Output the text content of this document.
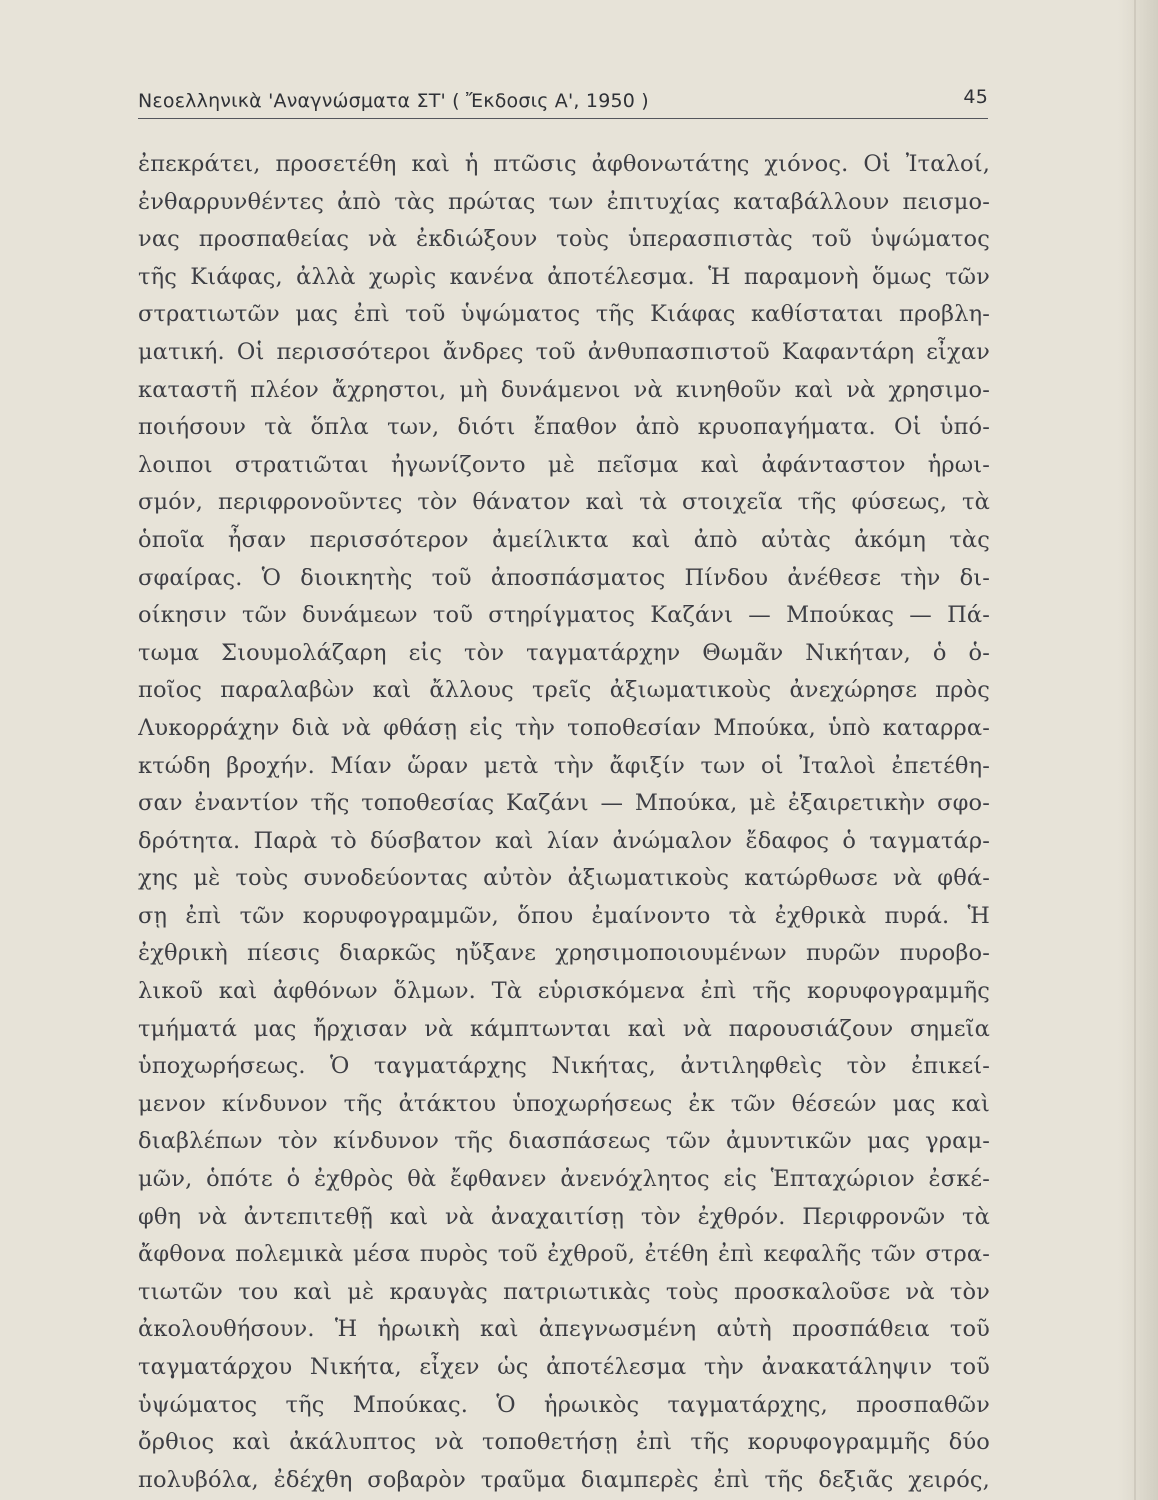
Νεοελληνικὰ 'Αναγνώσματα ΣΤ' ( Ἔκδοσις Α', 1950 )	45
ἐπεκράτει, προσετέθη καὶ ἡ πτῶσις ἀφθονωτάτης χιόνος. Οἱ Ἰταλοί,
ἐνθαρρυνθέντες ἀπὸ τὰς πρώτας των ἐπιτυχίας καταβάλλουν πεισμο-
νας προσπαθείας νὰ ἐκδιώξουν τοὺς ὑπερασπιστὰς τοῦ ὑψώματος
τῆς Κιάφας, ἀλλὰ χωρὶς κανένα ἀποτέλεσμα. Ἡ παραμονὴ ὅμως τῶν
στρατιωτῶν μας ἐπὶ τοῦ ὑψώματος τῆς Κιάφας καθίσταται προβλη-
ματική. Οἱ περισσότεροι ἄνδρες τοῦ ἀνθυπασπιστοῦ Καφαντάρη εἶχαν
καταστῆ πλέον ἄχρηστοι, μὴ δυνάμενοι νὰ κινηθοῦν καὶ νὰ χρησιμο-
ποιήσουν τὰ ὅπλα των, διότι ἔπαθον ἀπὸ κρυοπαγήματα. Οἱ ὑπό-
λοιποι στρατιῶται ἠγωνίζοντο μὲ πεῖσμα καὶ ἀφάνταστον ἡρωι-
σμόν, περιφρονοῦντες τὸν θάνατον καὶ τὰ στοιχεῖα τῆς φύσεως, τὰ
ὁποῖα ἦσαν περισσότερον ἀμείλικτα καὶ ἀπὸ αὐτὰς ἀκόμη τὰς
σφαίρας. Ὁ διοικητὴς τοῦ ἀποσπάσματος Πίνδου ἀνέθεσε τὴν δι-
οίκησιν τῶν δυνάμεων τοῦ στηρίγματος Καζάνι — Μπούκας — Πά-
τωμα Σιουμολάζαρη εἰς τὸν ταγματάρχην Θωμᾶν Νικήταν, ὁ ὁ-
ποῖος παραλαβὼν καὶ ἄλλους τρεῖς ἀξιωματικοὺς ἀνεχώρησε πρὸς
Λυκορράχην διὰ νὰ φθάσῃ εἰς τὴν τοποθεσίαν Μπούκα, ὑπὸ καταρρα-
κτώδη βροχήν. Μίαν ὥραν μετὰ τὴν ἄφιξίν των οἱ Ἰταλοὶ ἐπετέθη-
σαν ἐναντίον τῆς τοποθεσίας Καζάνι — Μπούκα, μὲ ἐξαιρετικὴν σφο-
δρότητα. Παρὰ τὸ δύσβατον καὶ λίαν ἀνώμαλον ἔδαφος ὁ ταγματάρ-
χης μὲ τοὺς συνοδεύοντας αὐτὸν ἀξιωματικοὺς κατώρθωσε νὰ φθά-
σῃ ἐπὶ τῶν κορυφογραμμῶν, ὅπου ἐμαίνοντο τὰ ἐχθρικὰ πυρά. Ἡ
ἐχθρικὴ πίεσις διαρκῶς ηὔξανε χρησιμοποιουμένων πυρῶν πυροβο-
λικοῦ καὶ ἀφθόνων ὅλμων. Τὰ εὑρισκόμενα ἐπὶ τῆς κορυφογραμμῆς
τμήματά μας ἤρχισαν νὰ κάμπτωνται καὶ νὰ παρουσιάζουν σημεῖα
ὑποχωρήσεως. Ὁ ταγματάρχης Νικήτας, ἀντιληφθεὶς τὸν ἐπικεί-
μενον κίνδυνον τῆς ἀτάκτου ὑποχωρήσεως ἐκ τῶν θέσεών μας καὶ
διαβλέπων τὸν κίνδυνον τῆς διασπάσεως τῶν ἀμυντικῶν μας γραμ-
μῶν, ὁπότε ὁ ἐχθρὸς θὰ ἔφθανεν ἀνενόχλητος εἰς Ἑπταχώριον ἐσκέ-
φθη νὰ ἀντεπιτεθῇ καὶ νὰ ἀναχαιτίσῃ τὸν ἐχθρόν. Περιφρονῶν τὰ
ἄφθονα πολεμικὰ μέσα πυρὸς τοῦ ἐχθροῦ, ἐτέθη ἐπὶ κεφαλῆς τῶν στρα-
τιωτῶν του καὶ μὲ κραυγὰς πατριωτικὰς τοὺς προσκαλοῦσε νὰ τὸν
ἀκολουθήσουν. Ἡ ἡρωικὴ καὶ ἀπεγνωσμένη αὐτὴ προσπάθεια τοῦ
ταγματάρχου Νικήτα, εἶχεν ὡς ἀποτέλεσμα τὴν ἀνακατάληψιν τοῦ
ὑψώματος τῆς Μπούκας. Ὁ ἡρωικὸς ταγματάρχης, προσπαθῶν
ὄρθιος καὶ ἀκάλυπτος νὰ τοποθετήσῃ ἐπὶ τῆς κορυφογραμμῆς δύο
πολυβόλα, ἐδέχθη σοβαρὸν τραῦμα διαμπερὲς ἐπὶ τῆς δεξιᾶς χειρός,
